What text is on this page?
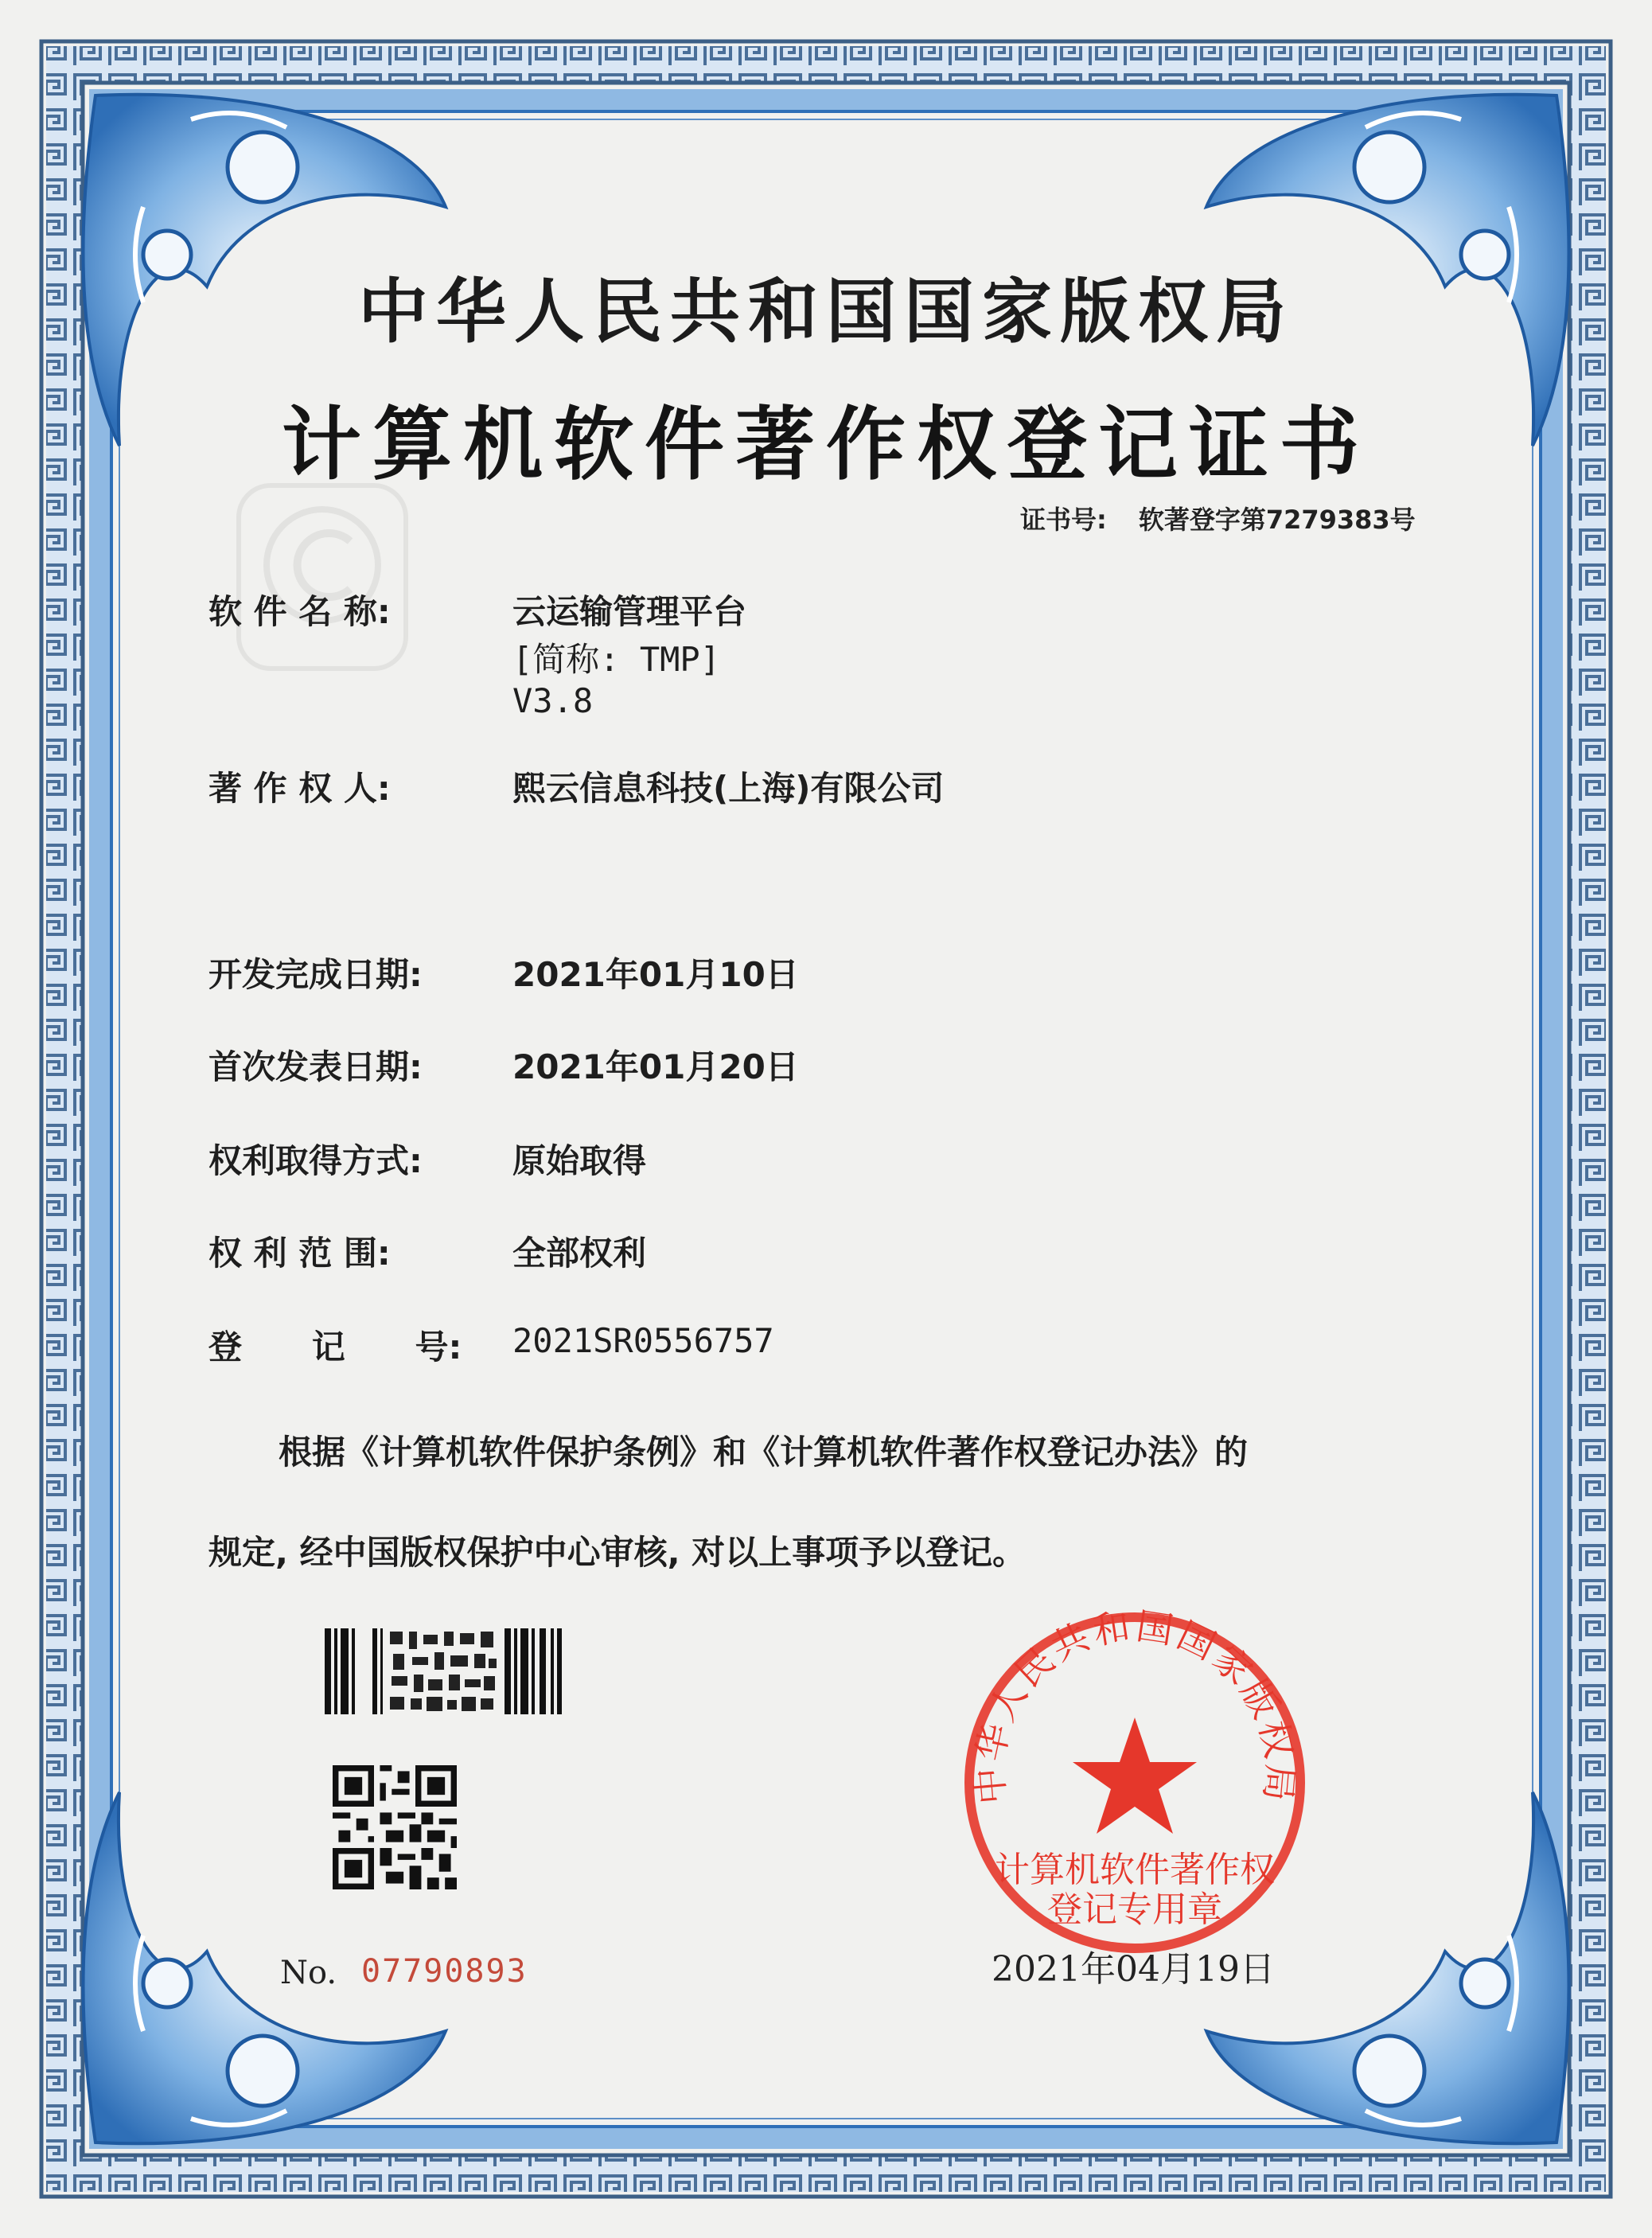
中华人民共和国国家版权局
计算机软件著作权登记证书
证书号: 软著登字第7279383号
软 件 名 称:	云运输管理平台
[简称: TMP]
V3.8
著 作 权 人:	熙云信息科技(上海)有限公司
开发完成日期:	2021年01月10日
首次发表日期:	2021年01月20日
权利取得方式:	原始取得
权 利 范 围:	全部权利
登      记      号: 2021SR0556757
根据《计算机软件保护条例》和《计算机软件著作权登记办法》的
规定, 经中国版权保护中心审核, 对以上事项予以登记。
No. 07790893
中华人民共和国国家版权局
计算机软件著作权
登记专用章
2021年04月19日
